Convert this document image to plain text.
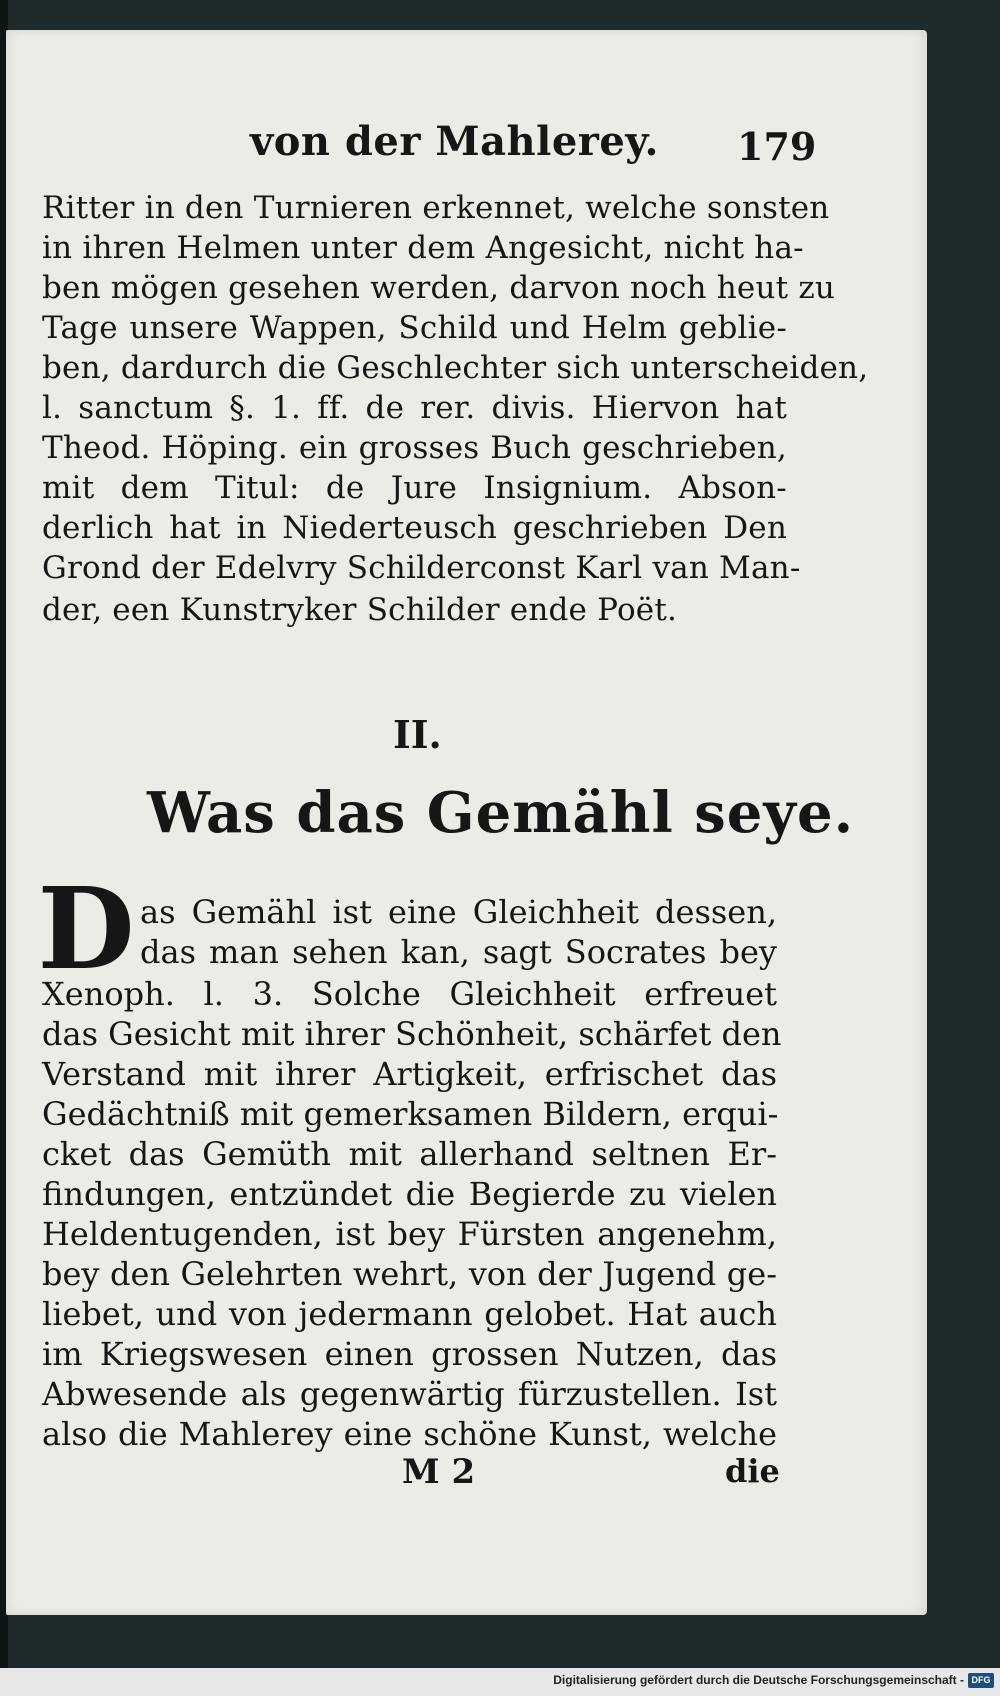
von der Mahlerey. 179
Ritter in den Turnieren erkennet, welche sonsten
in ihren Helmen unter dem Angesicht, nicht ha-
ben mögen gesehen werden, darvon noch heut zu
Tage unsere Wappen, Schild und Helm geblie-
ben, dardurch die Geschlechter sich unterscheiden,
l. sanctum §. 1. ff. de rer. divis. Hiervon hat
Theod. Höping. ein grosses Buch geschrieben,
mit dem Titul: de Jure Insignium. Abson-
derlich hat in Niederteusch geschrieben Den
Grond der Edelvry Schilderconst Karl van Man-
der, een Kunstryker Schilder ende Poët.
II.
Was das Gemähl seye.
D as Gemähl ist eine Gleichheit dessen,
das man sehen kan, sagt Socrates bey
Xenoph. l. 3. Solche Gleichheit erfreuet
das Gesicht mit ihrer Schönheit, schärfet den
Verstand mit ihrer Artigkeit, erfrischet das
Gedächtniß mit gemerksamen Bildern, erqui-
cket das Gemüth mit allerhand seltnen Er-
findungen, entzündet die Begierde zu vielen
Heldentugenden, ist bey Fürsten angenehm,
bey den Gelehrten wehrt, von der Jugend ge-
liebet, und von jedermann gelobet. Hat auch
im Kriegswesen einen grossen Nutzen, das
Abwesende als gegenwärtig fürzustellen. Ist
also die Mahlerey eine schöne Kunst, welche
M 2	die
Digitalisierung gefördert durch die Deutsche Forschungsgemeinschaft - DFG
